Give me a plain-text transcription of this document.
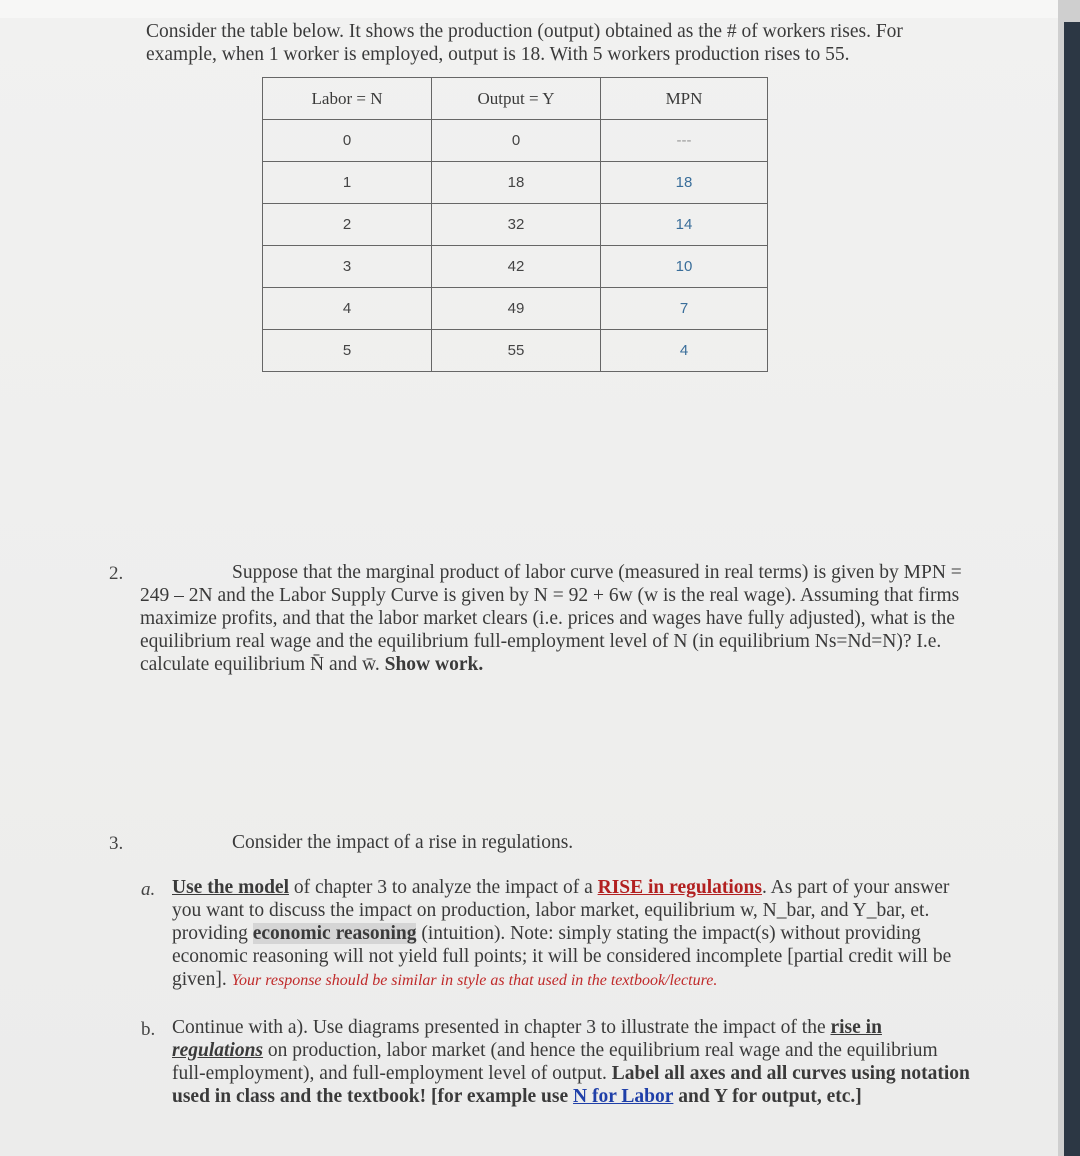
Consider the table below. It shows the production (output) obtained as the # of workers rises. For example, when 1 worker is employed, output is 18. With 5 workers production rises to 55.
Labor = N	Output = Y	MPN
0	0	---
1	18	18
2	32	14
3	42	10
4	49	7
5	55	4
2.	Suppose that the marginal product of labor curve (measured in real terms) is given by MPN = 249 – 2N and the Labor Supply Curve is given by N = 92 + 6w (w is the real wage). Assuming that firms maximize profits, and that the labor market clears (i.e. prices and wages have fully adjusted), what is the equilibrium real wage and the equilibrium full-employment level of N (in equilibrium Ns=Nd=N)? I.e. calculate equilibrium N̄ and w̄. Show work.
3.	Consider the impact of a rise in regulations.
a. Use the model of chapter 3 to analyze the impact of a RISE in regulations. As part of your answer you want to discuss the impact on production, labor market, equilibrium w, N_bar, and Y_bar, et. providing economic reasoning (intuition). Note: simply stating the impact(s) without providing economic reasoning will not yield full points; it will be considered incomplete [partial credit will be given]. Your response should be similar in style as that used in the textbook/lecture.
b. Continue with a). Use diagrams presented in chapter 3 to illustrate the impact of the rise in regulations on production, labor market (and hence the equilibrium real wage and the equilibrium full-employment), and full-employment level of output. Label all axes and all curves using notation used in class and the textbook! [for example use N for Labor and Y for output, etc.]
